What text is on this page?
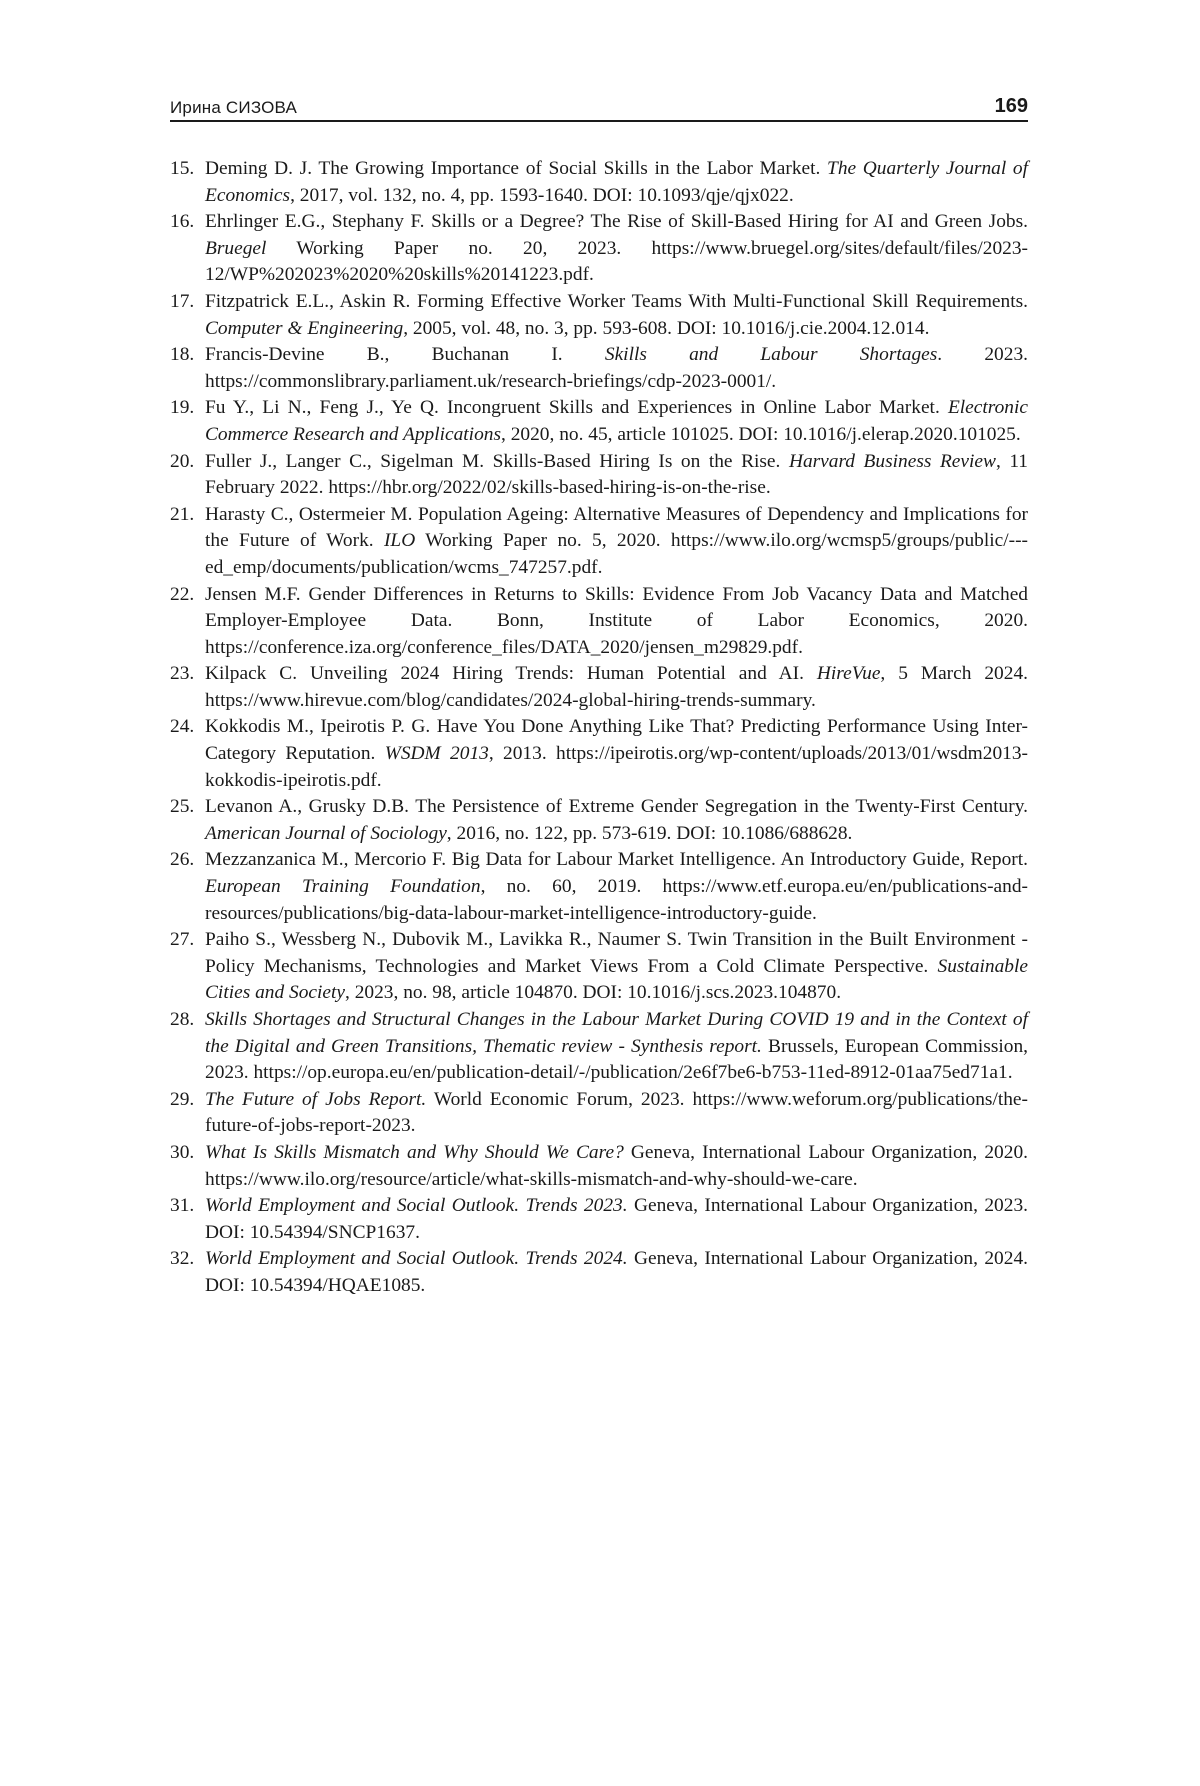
Ирина СИЗОВА	169
15. Deming D. J. The Growing Importance of Social Skills in the Labor Market. The Quarterly Journal of Economics, 2017, vol. 132, no. 4, pp. 1593-1640. DOI: 10.1093/qje/qjx022.
16. Ehrlinger E.G., Stephany F. Skills or a Degree? The Rise of Skill-Based Hiring for AI and Green Jobs. Bruegel Working Paper no. 20, 2023. https://www.bruegel.org/sites/default/files/2023-12/WP%202023%2020%20skills%20141223.pdf.
17. Fitzpatrick E.L., Askin R. Forming Effective Worker Teams With Multi-Functional Skill Requirements. Computer & Engineering, 2005, vol. 48, no. 3, pp. 593-608. DOI: 10.1016/j.cie.2004.12.014.
18. Francis-Devine B., Buchanan I. Skills and Labour Shortages. 2023. https://commonslibrary.parliament.uk/research-briefings/cdp-2023-0001/.
19. Fu Y., Li N., Feng J., Ye Q. Incongruent Skills and Experiences in Online Labor Market. Electronic Commerce Research and Applications, 2020, no. 45, article 101025. DOI: 10.1016/j.elerap.2020.101025.
20. Fuller J., Langer C., Sigelman M. Skills-Based Hiring Is on the Rise. Harvard Business Review, 11 February 2022. https://hbr.org/2022/02/skills-based-hiring-is-on-the-rise.
21. Harasty C., Ostermeier M. Population Ageing: Alternative Measures of Dependency and Implications for the Future of Work. ILO Working Paper no. 5, 2020. https://www.ilo.org/wcmsp5/groups/public/---ed_emp/documents/publication/wcms_747257.pdf.
22. Jensen M.F. Gender Differences in Returns to Skills: Evidence From Job Vacancy Data and Matched Employer-Employee Data. Bonn, Institute of Labor Economics, 2020. https://conference.iza.org/conference_files/DATA_2020/jensen_m29829.pdf.
23. Kilpack C. Unveiling 2024 Hiring Trends: Human Potential and AI. HireVue, 5 March 2024. https://www.hirevue.com/blog/candidates/2024-global-hiring-trends-summary.
24. Kokkodis M., Ipeirotis P. G. Have You Done Anything Like That? Predicting Performance Using Inter-Category Reputation. WSDM 2013, 2013. https://ipeirotis.org/wp-content/uploads/2013/01/wsdm2013-kokkodis-ipeirotis.pdf.
25. Levanon A., Grusky D.B. The Persistence of Extreme Gender Segregation in the Twenty-First Century. American Journal of Sociology, 2016, no. 122, pp. 573-619. DOI: 10.1086/688628.
26. Mezzanzanica M., Mercorio F. Big Data for Labour Market Intelligence. An Introductory Guide, Report. European Training Foundation, no. 60, 2019. https://www.etf.europa.eu/en/publications-and-resources/publications/big-data-labour-market-intelligence-introductory-guide.
27. Paiho S., Wessberg N., Dubovik M., Lavikka R., Naumer S. Twin Transition in the Built Environment - Policy Mechanisms, Technologies and Market Views From a Cold Climate Perspective. Sustainable Cities and Society, 2023, no. 98, article 104870. DOI: 10.1016/j.scs.2023.104870.
28. Skills Shortages and Structural Changes in the Labour Market During COVID 19 and in the Context of the Digital and Green Transitions, Thematic review - Synthesis report. Brussels, European Commission, 2023. https://op.europa.eu/en/publication-detail/-/publication/2e6f7be6-b753-11ed-8912-01aa75ed71a1.
29. The Future of Jobs Report. World Economic Forum, 2023. https://www.weforum.org/publications/the-future-of-jobs-report-2023.
30. What Is Skills Mismatch and Why Should We Care? Geneva, International Labour Organization, 2020. https://www.ilo.org/resource/article/what-skills-mismatch-and-why-should-we-care.
31. World Employment and Social Outlook. Trends 2023. Geneva, International Labour Organization, 2023. DOI: 10.54394/SNCP1637.
32. World Employment and Social Outlook. Trends 2024. Geneva, International Labour Organization, 2024. DOI: 10.54394/HQAE1085.
